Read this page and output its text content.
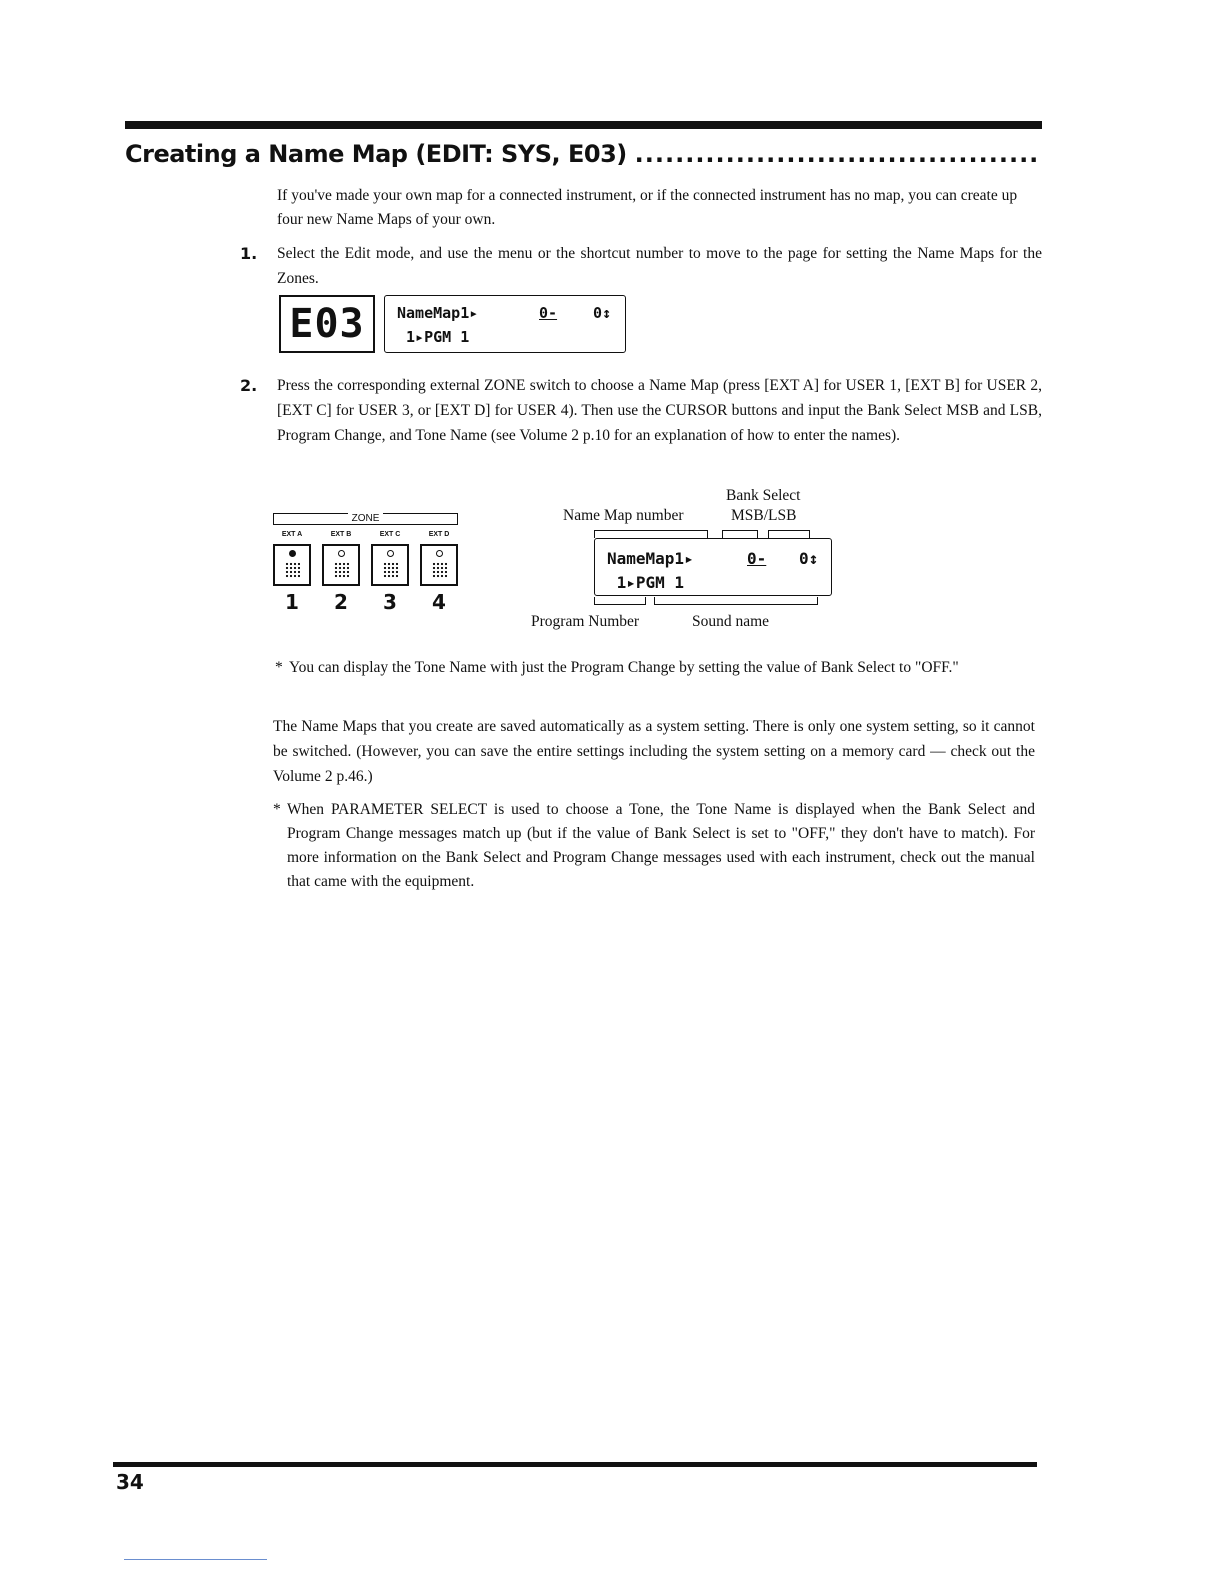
Creating a Name Map (EDIT: SYS, E03) ........................................

If you've made your own map for a connected instrument, or if the connected instrument has no map, you can create up four new Name Maps of your own.

1. Select the Edit mode, and use the menu or the shortcut number to move to the page for setting the Name Maps for the Zones.
E03	NameMap1▸	0- 0↕
1▸PGM 1
2. Press the corresponding external ZONE switch to choose a Name Map (press [EXT A] for USER 1, [EXT B] for USER 2, [EXT C] for USER 3, or [EXT D] for USER 4). Then use the CURSOR buttons and input the Bank Select MSB and LSB, Program Change, and Tone Name (see Volume 2 p.10 for an explanation of how to enter the names).
ZONE
EXT A	EXT B	EXT C	EXT D
1	2	3	4
Bank Select
Name Map number	MSB/LSB
NameMap1▸	0- 0↕
1▸PGM 1
Program Number	Sound name
* You can display the Tone Name with just the Program Change by setting the value of Bank Select to "OFF."

The Name Maps that you create are saved automatically as a system setting. There is only one system setting, so it cannot be switched. (However, you can save the entire settings including the system setting on a memory card — check out the Volume 2 p.46.)

* When PARAMETER SELECT is used to choose a Tone, the Tone Name is displayed when the Bank Select and Program Change messages match up (but if the value of Bank Select is set to "OFF," they don't have to match). For more information on the Bank Select and Program Change messages used with each instrument, check out the manual that came with the equipment.
34
